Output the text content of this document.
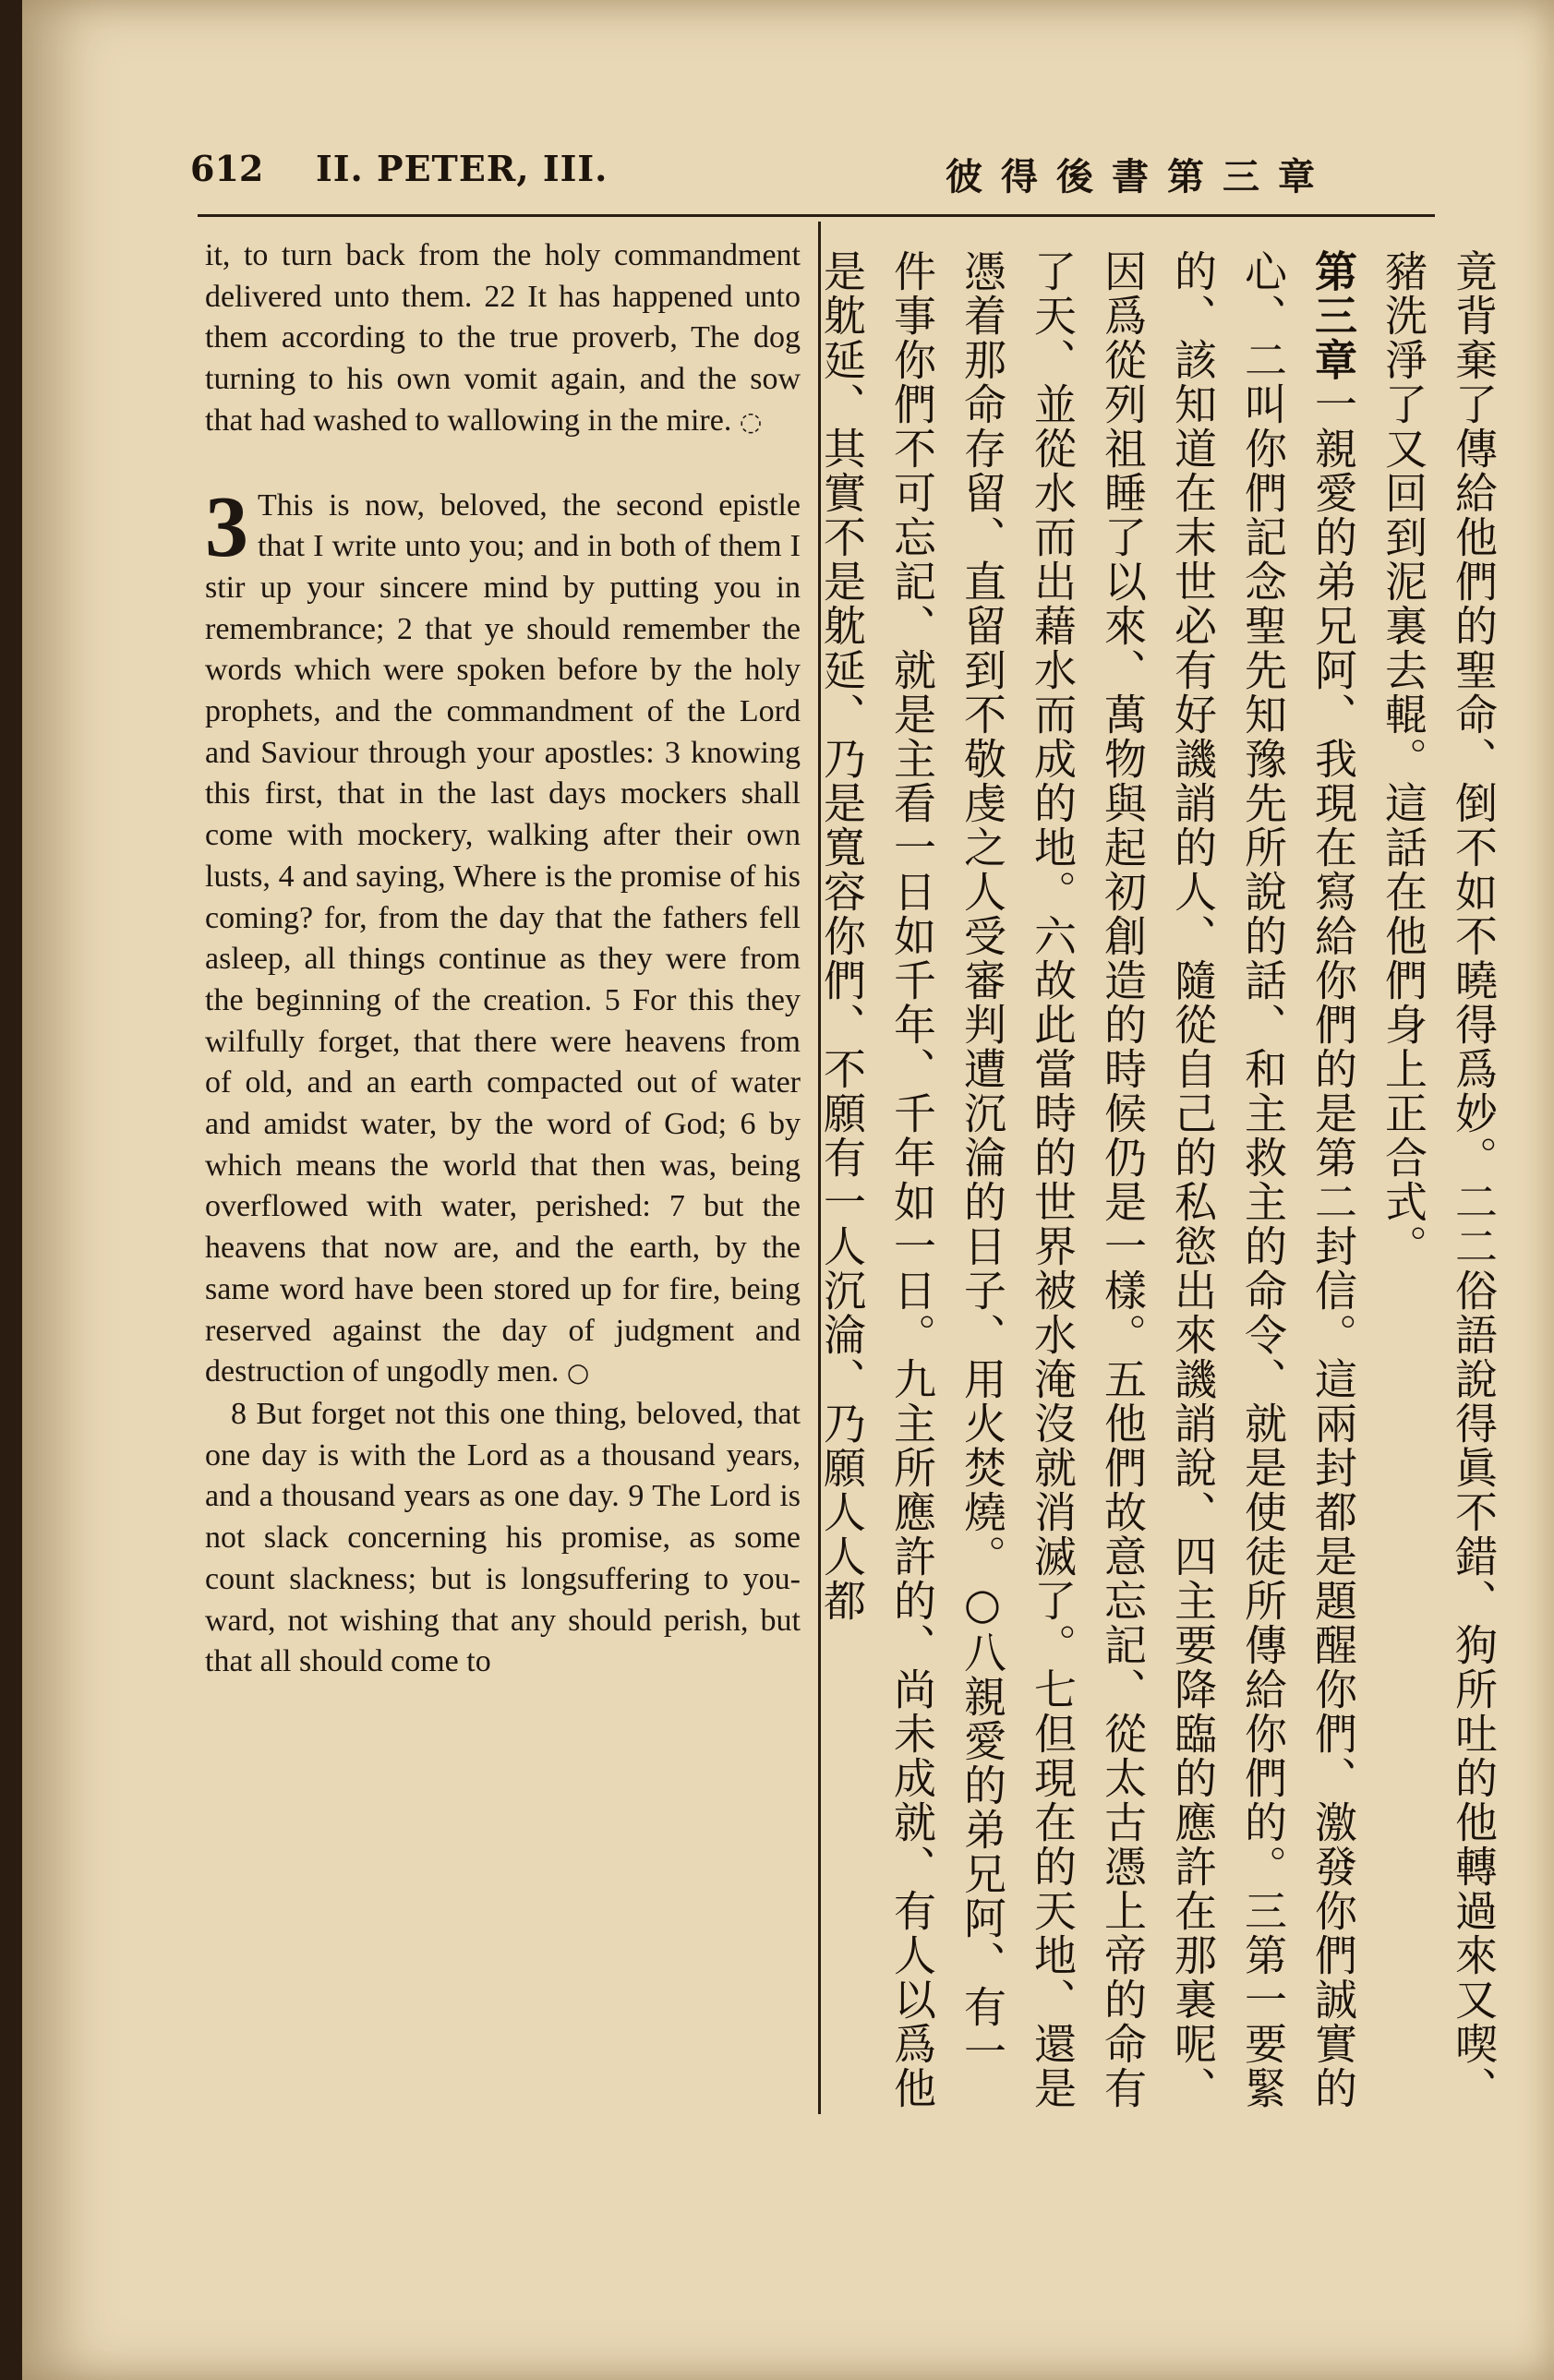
612 II. PETER, III.	彼得後書第三章

it, to turn back from the holy commandment delivered unto them. 22 It has happened unto them according to the true proverb, The dog turning to his own vomit again, and the sow that had washed to wallowing in the mire. ◌

3 This is now, beloved, the second epistle that I write unto you; and in both of them I stir up your sincere mind by putting you in remembrance; 2 that ye should remember the words which were spoken before by the holy prophets, and the commandment of the Lord and Saviour through your apostles: 3 knowing this first, that in the last days mockers shall come with mockery, walking after their own lusts, 4 and saying, Where is the promise of his coming? for, from the day that the fathers fell asleep, all things continue as they were from the beginning of the creation. 5 For this they wilfully forget, that there were heavens from of old, and an earth compacted out of water and amidst water, by the word of God; 6 by which means the world that then was, being overflowed with water, perished: 7 but the heavens that now are, and the earth, by the same word have been stored up for fire, being reserved against the day of judgment and destruction of ungodly men. ○

8 But forget not this one thing, beloved, that one day is with the Lord as a thousand years, and a thousand years as one day. 9 The Lord is not slack concerning his promise, as some count slackness; but is longsuffering to you-ward, not wishing that any should perish, but that all should come to	竟背棄了傳給他們的聖命、倒不如不曉得爲妙。二二俗語說得眞不錯、狗所吐的他轉過來又喫、豬洗淨了又回到泥裏去輥。這話在他們身上正合式。

第三章一親愛的弟兄阿、我現在寫給你們的是第二封信。這兩封都是題醒你們、激發你們誠實的心、二叫你們記念聖先知豫先所說的話、和主救主的命令、就是使徒所傳給你們的。三第一要緊的、該知道在末世必有好譏誚的人、隨從自己的私慾出來譏誚說、四主要降臨的應許在那裏呢、因爲從列祖睡了以來、萬物與起初創造的時候仍是一樣。五他們故意忘記、從太古憑上帝的命有了天、並從水而出藉水而成的地。六故此當時的世界被水淹沒就消滅了。七但現在的天地、還是憑着那命存留、直留到不敬虔之人受審判遭沉淪的日子、用火焚燒。○八親愛的弟兄阿、有一件事你們不可忘記、就是主看一日如千年、千年如一日。九主所應許的、尚未成就、有人以爲他是躭延、其實不是躭延、乃是寬容你們、不願有一人沉淪、乃願人人都
